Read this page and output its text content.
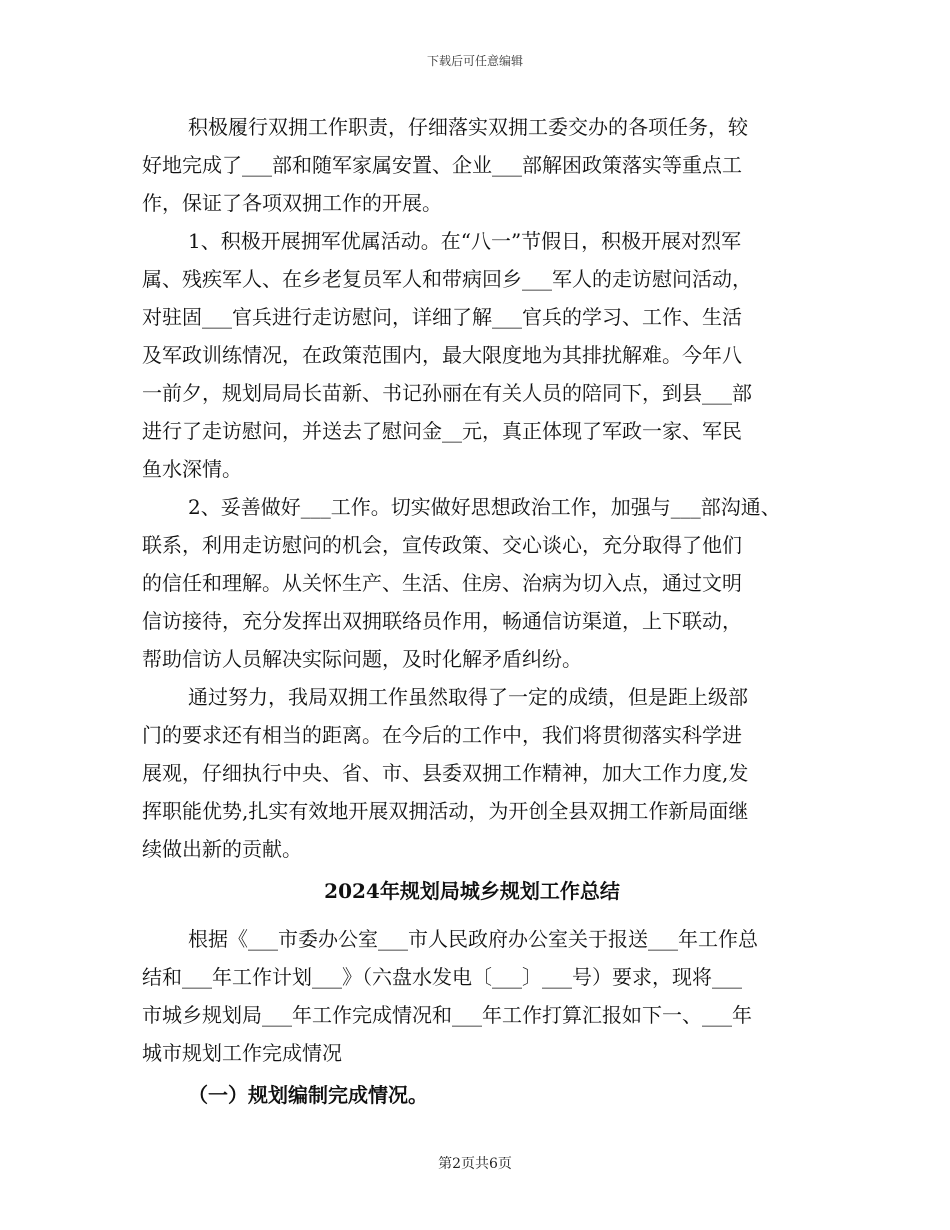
下载后可任意编辑
积极履行双拥工作职责，仔细落实双拥工委交办的各项任务，较
好地完成了___部和随军家属安置、企业___部解困政策落实等重点工
作，保证了各项双拥工作的开展。
1、积极开展拥军优属活动。在“八一”节假日，积极开展对烈军
属、残疾军人、在乡老复员军人和带病回乡___军人的走访慰问活动，
对驻固___官兵进行走访慰问，详细了解___官兵的学习、工作、生活
及军政训练情况，在政策范围内，最大限度地为其排扰解难。今年八
一前夕，规划局局长苗新、书记孙丽在有关人员的陪同下，到县___部
进行了走访慰问，并送去了慰问金__元，真正体现了军政一家、军民
鱼水深情。
2、妥善做好___工作。切实做好思想政治工作，加强与___部沟通、
联系，利用走访慰问的机会，宣传政策、交心谈心，充分取得了他们
的信任和理解。从关怀生产、生活、住房、治病为切入点，通过文明
信访接待，充分发挥出双拥联络员作用，畅通信访渠道，上下联动，
帮助信访人员解决实际问题，及时化解矛盾纠纷。
通过努力，我局双拥工作虽然取得了一定的成绩，但是距上级部
门的要求还有相当的距离。在今后的工作中，我们将贯彻落实科学进
展观，仔细执行中央、省、市、县委双拥工作精神，加大工作力度,发
挥职能优势,扎实有效地开展双拥活动，为开创全县双拥工作新局面继
续做出新的贡献。
2024年规划局城乡规划工作总结
根据《___市委办公室___市人民政府办公室关于报送___年工作总
结和___年工作计划___》（六盘水发电〔___〕___号）要求，现将___
市城乡规划局___年工作完成情况和___年工作打算汇报如下一、___年
城市规划工作完成情况
（一）规划编制完成情况。
第2页共6页
